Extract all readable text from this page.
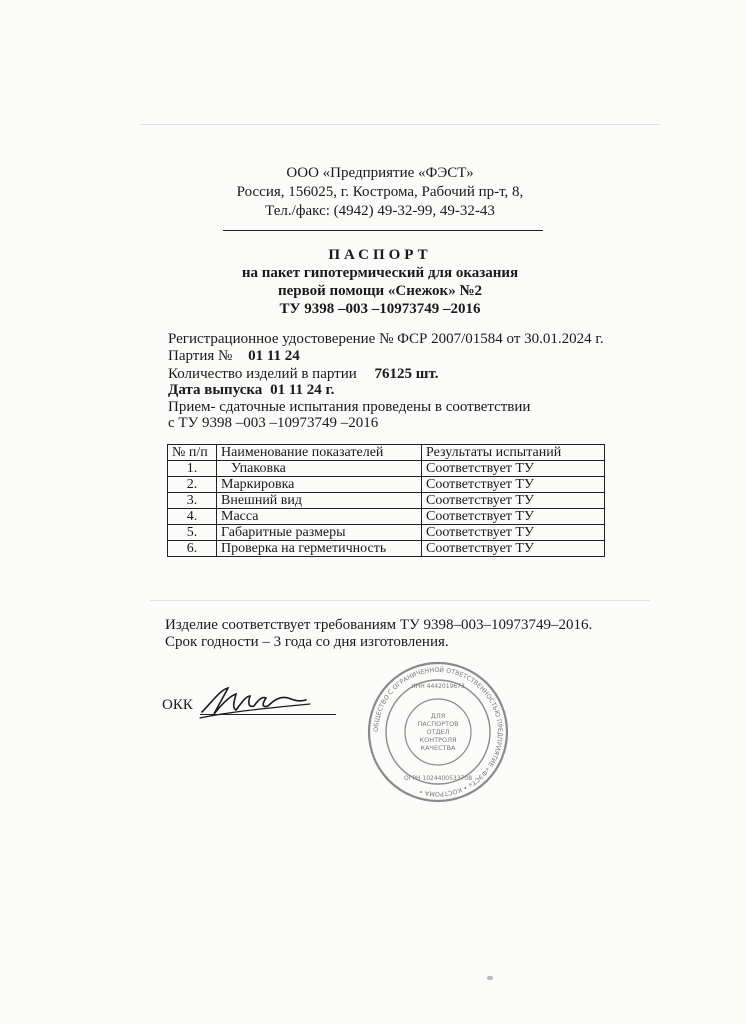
ООО «Предприятие «ФЭСТ»
Россия, 156025, г. Кострома, Рабочий пр-т, 8,
Тел./факс: (4942) 49-32-99, 49-32-43
ПАСПОРТ
на пакет гипотермический для оказания
первой помощи «Снежок» №2
ТУ 9398 –003 –10973749 –2016
Регистрационное удостоверение № ФСР 2007/01584 от 30.01.2024 г.
Партия № 01 11 24
Количество изделий в партии 76125 шт.
Дата выпуска 01 11 24 г.
Прием- сдаточные испытания проведены в соответствии
с ТУ 9398 –003 –10973749 –2016
№ п/п	Наименование показателей	Результаты испытаний
1.	Упаковка	Соответствует ТУ
2.	Маркировка	Соответствует ТУ
3.	Внешний вид	Соответствует ТУ
4.	Масса	Соответствует ТУ
5.	Габаритные размеры	Соответствует ТУ
6.	Проверка на герметичность	Соответствует ТУ
Изделие соответствует требованиям ТУ 9398–003–10973749–2016.
Срок годности – 3 года со дня изготовления.
ОКК
ОБЩЕСТВО С ОГРАНИЧЕННОЙ ОТВЕТСТВЕННОСТЬЮ ПРЕДПРИЯТИЕ «ФЭСТ» • КОСТРОМА •
ИНН 4442019673
ОГРН 1024400533708
ДЛЯ
ПАСПОРТОВ
ОТДЕЛ
КОНТРОЛЯ
КАЧЕСТВА
